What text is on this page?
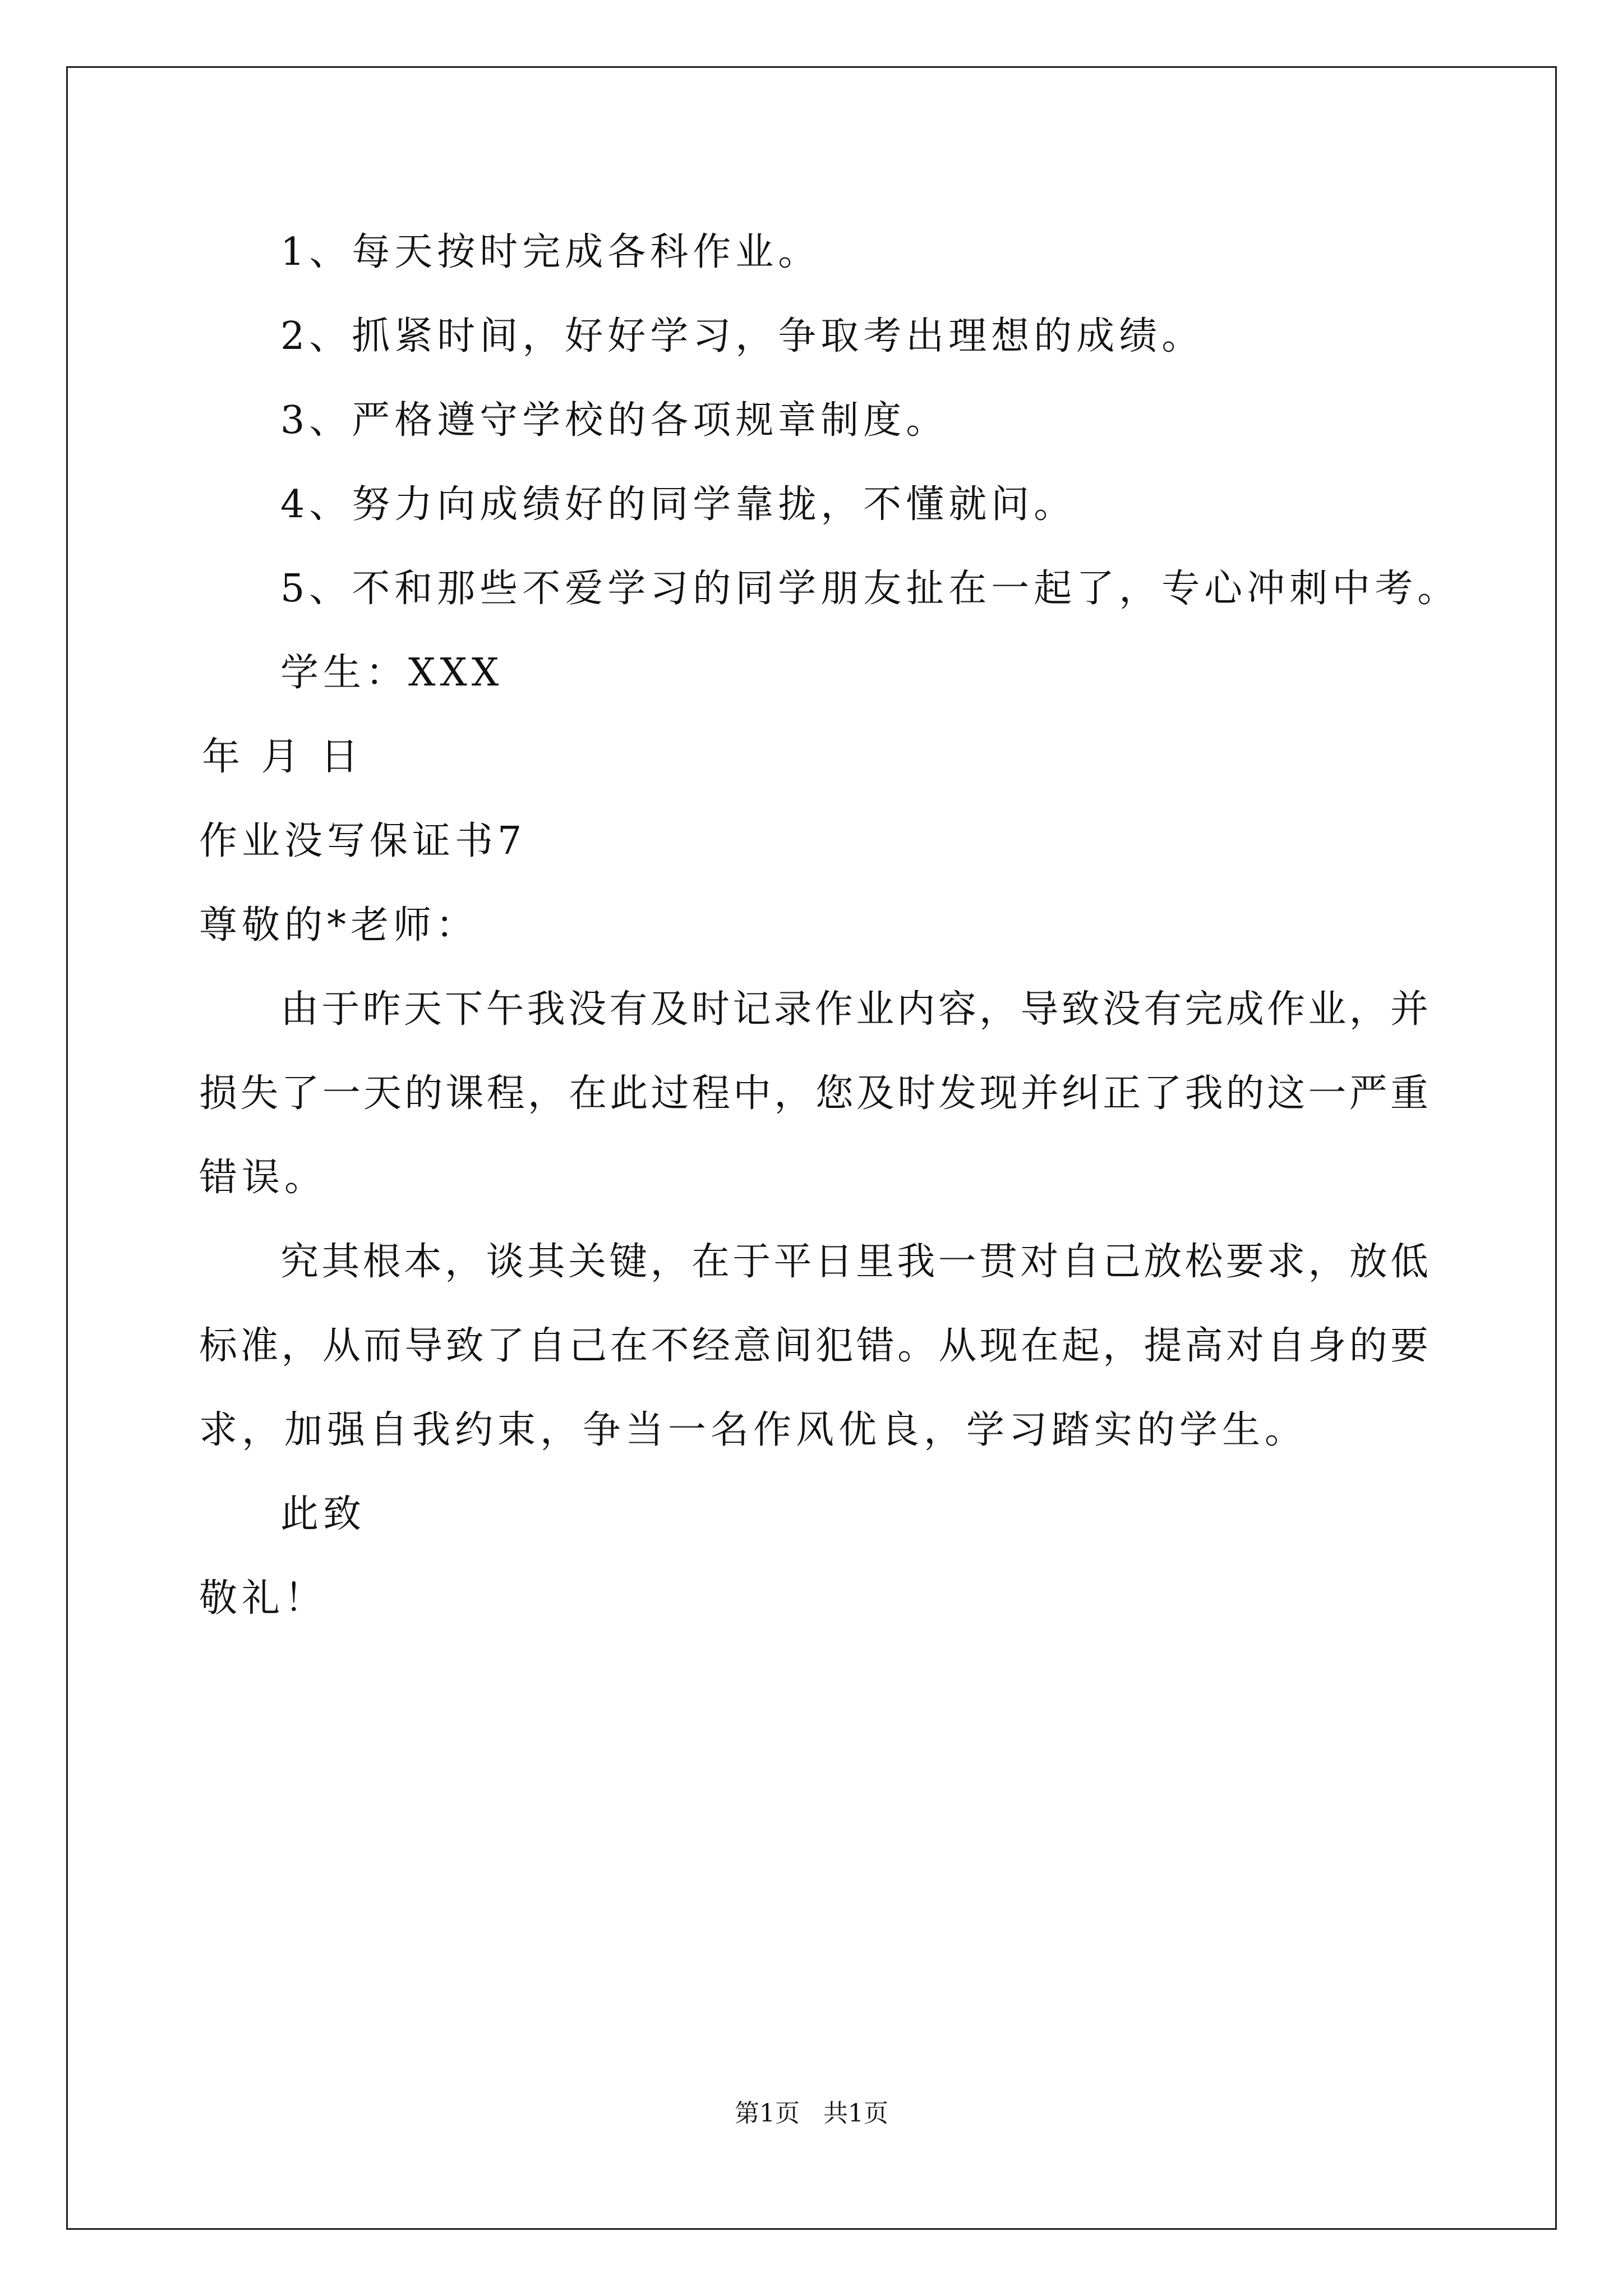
1、每天按时完成各科作业。
2、抓紧时间，好好学习，争取考出理想的成绩。
3、严格遵守学校的各项规章制度。
4、努力向成绩好的同学靠拢，不懂就问。
5、不和那些不爱学习的同学朋友扯在一起了，专心冲刺中考。
学生：XXX
年 月 日
作业没写保证书7
尊敬的*老师：
由于昨天下午我没有及时记录作业内容，导致没有完成作业，并
损失了一天的课程，在此过程中，您及时发现并纠正了我的这一严重
错误。
究其根本，谈其关键，在于平日里我一贯对自己放松要求，放低
标准，从而导致了自己在不经意间犯错。从现在起，提高对自身的要
求，加强自我约束，争当一名作风优良，学习踏实的学生。
此致
敬礼！
第1页   共1页
